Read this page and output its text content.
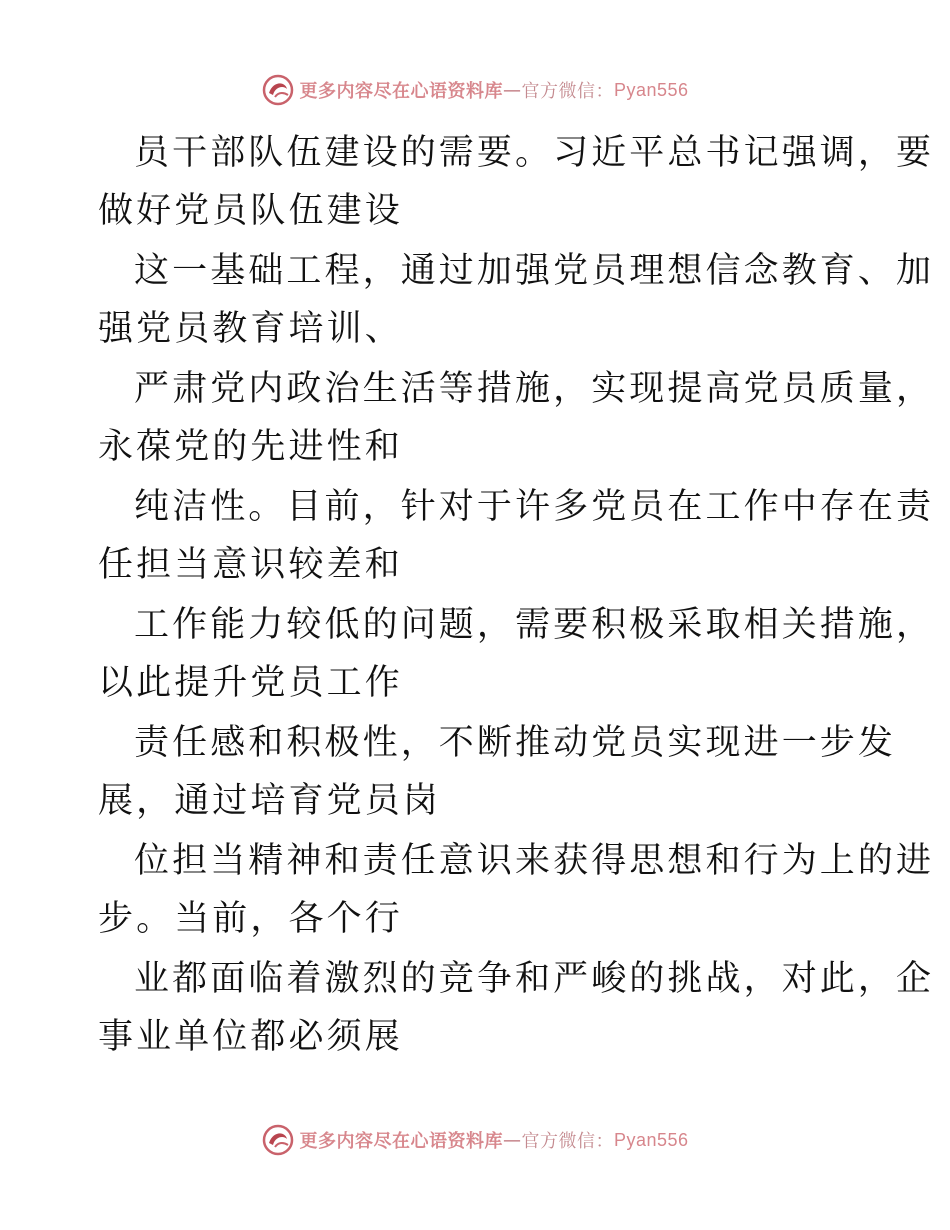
更多内容尽在心语资料库 — 官方微信： Pyan556

员干部队伍建设的需要。习近平总书记强调，要
做好党员队伍建设

这一基础工程，通过加强党员理想信念教育、加
强党员教育培训、

严肃党内政治生活等措施，实现提高党员质量，
永葆党的先进性和

纯洁性。目前，针对于许多党员在工作中存在责
任担当意识较差和

工作能力较低的问题，需要积极采取相关措施，
以此提升党员工作

责任感和积极性，不断推动党员实现进一步发
展，通过培育党员岗

位担当精神和责任意识来获得思想和行为上的进
步。当前，各个行

业都面临着激烈的竞争和严峻的挑战，对此，企
事业单位都必须展

更多内容尽在心语资料库 — 官方微信： Pyan556
